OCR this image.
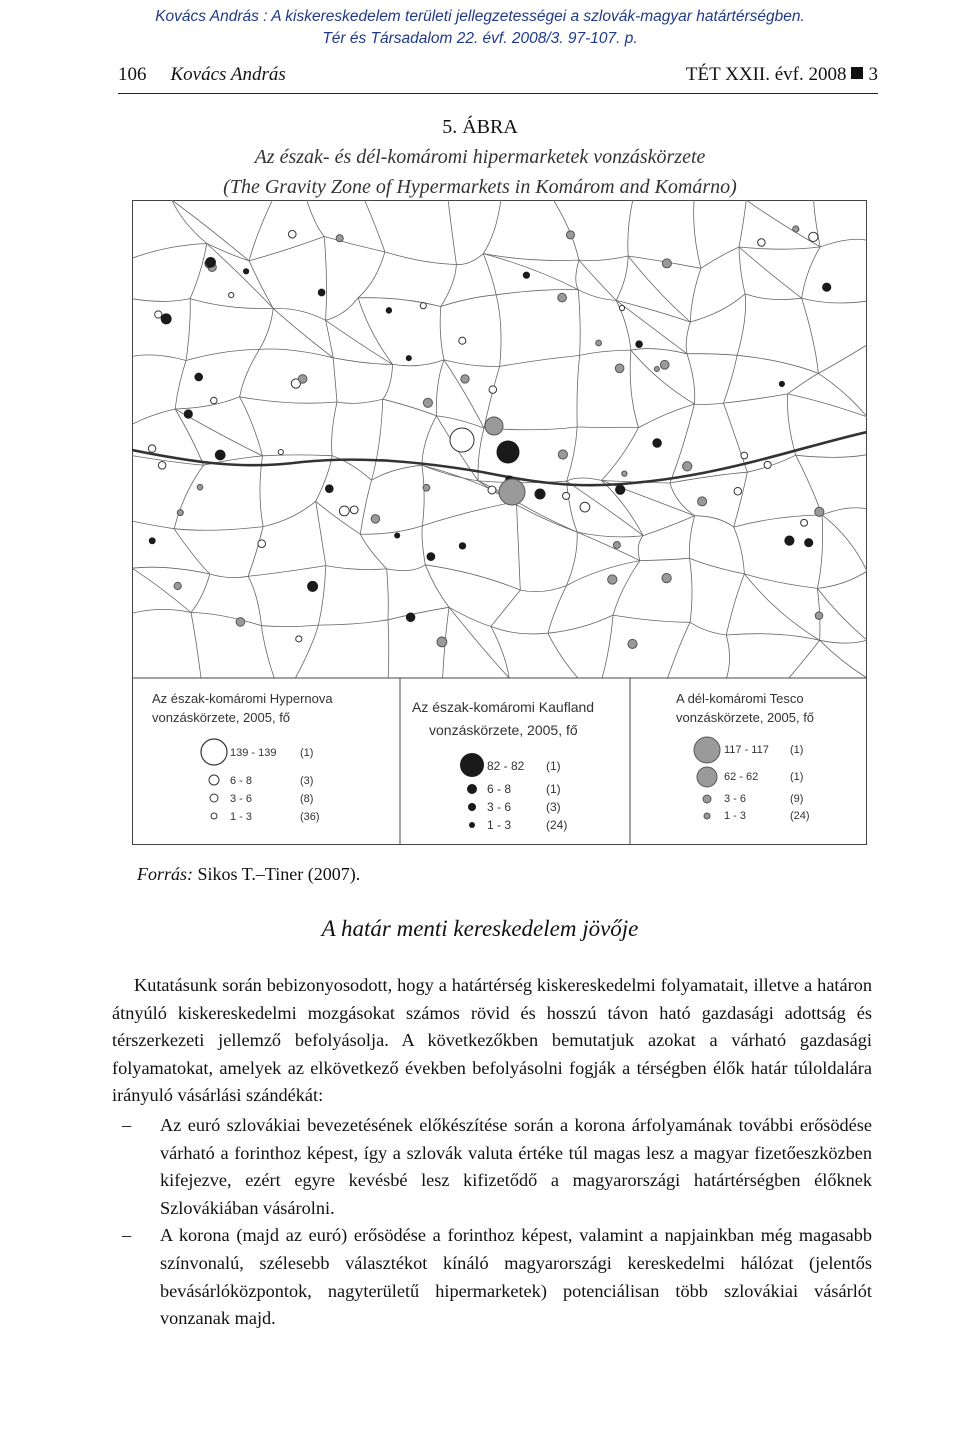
Kovács András : A kiskereskedelem területi jellegzetességei a szlovák-magyar határtérségben.
Tér és Társadalom 22. évf. 2008/3. 97-107. p.
106 Kovács András	TÉT XXII. évf. 2008 3
5. ÁBRA
Az észak- és dél-komáromi hipermarketek vonzáskörzete
(The Gravity Zone of Hypermarkets in Komárom and Komárno)
Az észak-komáromi Hypernova
vonzáskörzete, 2005, fő
139 - 139 (1)
6 - 8	(3)
3 - 6	(8)
1 - 3	(36)
Az észak-komáromi Kaufland
vonzáskörzete, 2005, fő
82 - 82 (1)
6 - 8	(1)
3 - 6	(3)
1 - 3	(24)
A dél-komáromi Tesco
vonzáskörzete, 2005, fő
117 - 117 (1)
62 - 62	(1)
3 - 6	(9)
1 - 3	(24)
Forrás: Sikos T.–Tiner (2007).
A határ menti kereskedelem jövője

Kutatásunk során bebizonyosodott, hogy a határtérség kiskereskedelmi folyamatait, illetve a határon átnyúló kiskereskedelmi mozgásokat számos rövid és hosszú távon ható gazdasági adottság és térszerkezeti jellemző befolyásolja. A következőkben bemutatjuk azokat a várható gazdasági folyamatokat, amelyek az elkövetkező években befolyásolni fogják a térségben élők határ túloldalára irányuló vásárlási szándékát:

– Az euró szlovákiai bevezetésének előkészítése során a korona árfolyamának további erősödése várható a forinthoz képest, így a szlovák valuta értéke túl magas lesz a magyar fizetőeszközben kifejezve, ezért egyre kevésbé lesz kifizetődő a magyarországi határtérségben élőknek Szlovákiában vásárolni.
– A korona (majd az euró) erősödése a forinthoz képest, valamint a napjainkban még magasabb színvonalú, szélesebb választékot kínáló magyarországi kereskedelmi hálózat (jelentős bevásárlóközpontok, nagyterületű hipermarketek) potenciálisan több szlovákiai vásárlót vonzanak majd.
